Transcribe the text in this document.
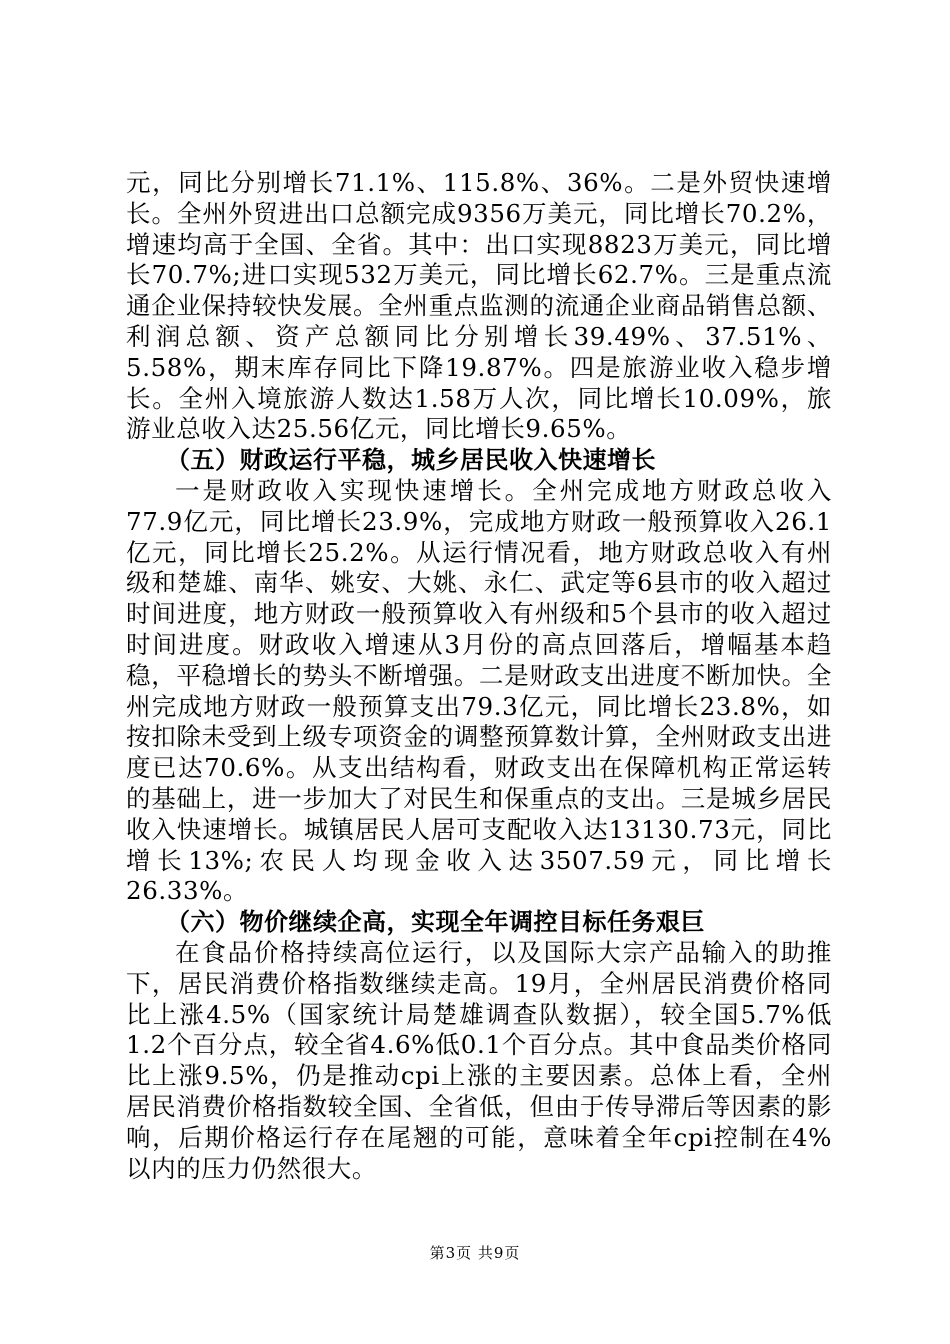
元，同比分别增长71.1%、115.8%、36%。二是外贸快速增长。全州外贸进出口总额完成9356万美元，同比增长70.2%，增速均高于全国、全省。其中：出口实现8823万美元，同比增长70.7%;进口实现532万美元，同比增长62.7%。三是重点流通企业保持较快发展。全州重点监测的流通企业商品销售总额、利润总额、资产总额同比分别增长39.49%、37.51%、5.58%，期末库存同比下降19.87%。四是旅游业收入稳步增长。全州入境旅游人数达1.58万人次，同比增长10.09%，旅游业总收入达25.56亿元，同比增长9.65%。

（五）财政运行平稳，城乡居民收入快速增长

一是财政收入实现快速增长。全州完成地方财政总收入77.9亿元，同比增长23.9%，完成地方财政一般预算收入26.1亿元，同比增长25.2%。从运行情况看，地方财政总收入有州级和楚雄、南华、姚安、大姚、永仁、武定等6县市的收入超过时间进度，地方财政一般预算收入有州级和5个县市的收入超过时间进度。财政收入增速从3月份的高点回落后，增幅基本趋稳，平稳增长的势头不断增强。二是财政支出进度不断加快。全州完成地方财政一般预算支出79.3亿元，同比增长23.8%，如按扣除未受到上级专项资金的调整预算数计算，全州财政支出进度已达70.6%。从支出结构看，财政支出在保障机构正常运转的基础上，进一步加大了对民生和保重点的支出。三是城乡居民收入快速增长。城镇居民人居可支配收入达13130.73元，同比增长13%;农民人均现金收入达3507.59元，同比增长26.33%。

（六）物价继续企高，实现全年调控目标任务艰巨

在食品价格持续高位运行，以及国际大宗产品输入的助推下，居民消费价格指数继续走高。19月，全州居民消费价格同比上涨4.5%（国家统计局楚雄调查队数据），较全国5.7%低1.2个百分点，较全省4.6%低0.1个百分点。其中食品类价格同比上涨9.5%，仍是推动cpi上涨的主要因素。总体上看，全州居民消费价格指数较全国、全省低，但由于传导滞后等因素的影响，后期价格运行存在尾翘的可能，意味着全年cpi控制在4%以内的压力仍然很大。

第3页 共9页
